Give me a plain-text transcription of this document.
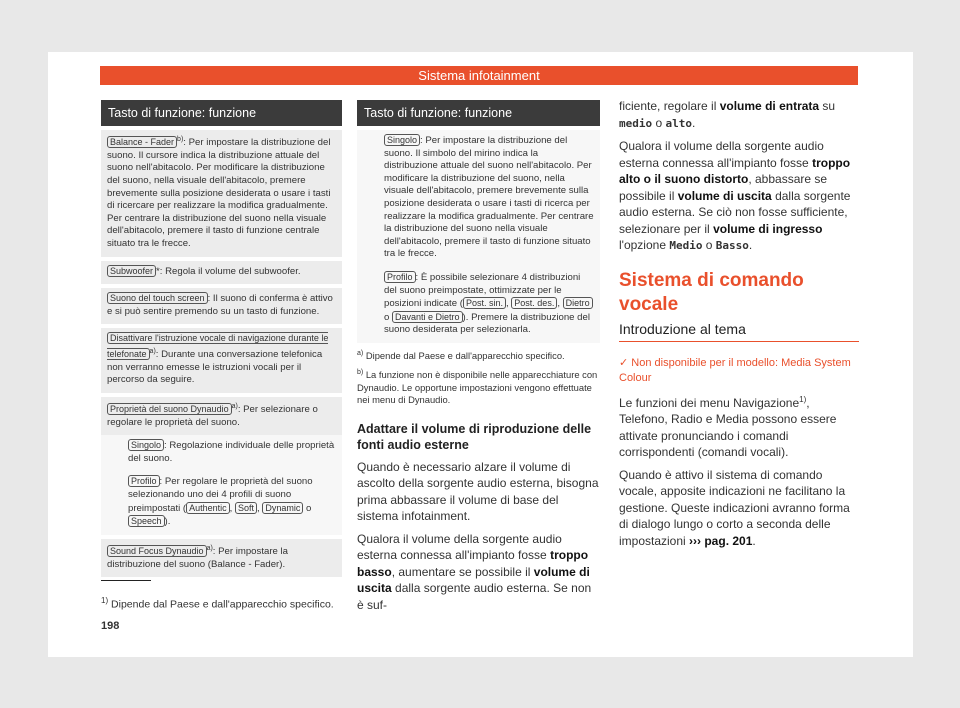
Sistema infotainment
Tasto di funzione: funzione
Balance - Fader $^{b)}$: Per impostare la distribuzione del suono. Il cursore indica la distribuzione attuale del suono nell'abitacolo. Per modificare la distribuzione del suono, nella visuale dell'abitacolo, premere brevemente sulla posizione desiderata o usare i tasti di ricercare per realizzare la modifica gradualmente. Per centrare la distribuzione del suono nella visuale dell'abitacolo, premere il tasto di funzione centrale situato tra le frecce.
Subwoofer *: Regola il volume del subwoofer.
Suono del touch screen : Il suono di conferma è attivo e si può sentire premendo su un tasto di funzione.
Disattivare l'istruzione vocale di navigazione durante le telefonate $^{a)}$: Durante una conversazione telefonica non verranno emesse le istruzioni vocali per il percorso da seguire.
Proprietà del suono Dynaudio $^{a)}$: Per selezionare o regolare le proprietà del suono.
Singolo : Regolazione individuale delle proprietà del suono.
Profilo : Per regolare le proprietà del suono selezionando uno dei 4 profili di suono preimpostati ( Authentic , Soft , Dynamic o Speech ).
Sound Focus Dynaudio $^{a)}$: Per impostare la distribuzione del suono (Balance - Fader).
Tasto di funzione: funzione
Singolo : Per impostare la distribuzione del suono. Il simbolo del mirino indica la distribuzione attuale del suono nell'abitacolo. Per modificare la distribuzione del suono, nella visuale dell'abitacolo, premere brevemente sulla posizione desiderata o usare i tasti di ricerca per realizzare la modifica gradualmente. Per centrare la distribuzione del suono nella visuale dell'abitacolo, premere il tasto di funzione situato tra le frecce.
Profilo : È possibile selezionare 4 distribuzioni del suono preimpostate, ottimizzate per le posizioni indicate ( Post. sin. , Post. des. , Dietro o Davanti e Dietro ). Premere la distribuzione del suono desiderata per selezionarla.
$^{a)}$ Dipende dal Paese e dall'apparecchio specifico.
$^{b)}$ La funzione non è disponibile nelle apparecchiature con Dynaudio. Le opportune impostazioni vengono effettuate nei menu di Dynaudio.
Adattare il volume di riproduzione delle fonti audio esterne
Quando è necessario alzare il volume di ascolto della sorgente audio esterna, bisogna prima abbassare il volume di base del sistema infotainment.
Qualora il volume della sorgente audio esterna connessa all'impianto fosse troppo basso, aumentare se possibile il volume di uscita dalla sorgente audio esterna. Se non è suf-
ficiente, regolare il volume di entrata su medio o alto.
Qualora il volume della sorgente audio esterna connessa all'impianto fosse troppo alto o il suono distorto, abbassare se possibile il volume di uscita dalla sorgente audio esterna. Se ciò non fosse sufficiente, selezionare per il volume di ingresso l'opzione Medio o Basso.
Sistema di comando vocale
Introduzione al tema
✓ Non disponibile per il modello: Media System Colour
Le funzioni dei menu Navigazione$^{1)}$, Telefono, Radio e Media possono essere attivate pronunciando i comandi corrispondenti (comandi vocali).
Quando è attivo il sistema di comando vocale, apposite indicazioni ne facilitano la gestione. Queste indicazioni avranno forma di dialogo lungo o corto a seconda delle impostazioni ››› pag. 201.
$^{1)}$ Dipende dal Paese e dall'apparecchio specifico.
198
